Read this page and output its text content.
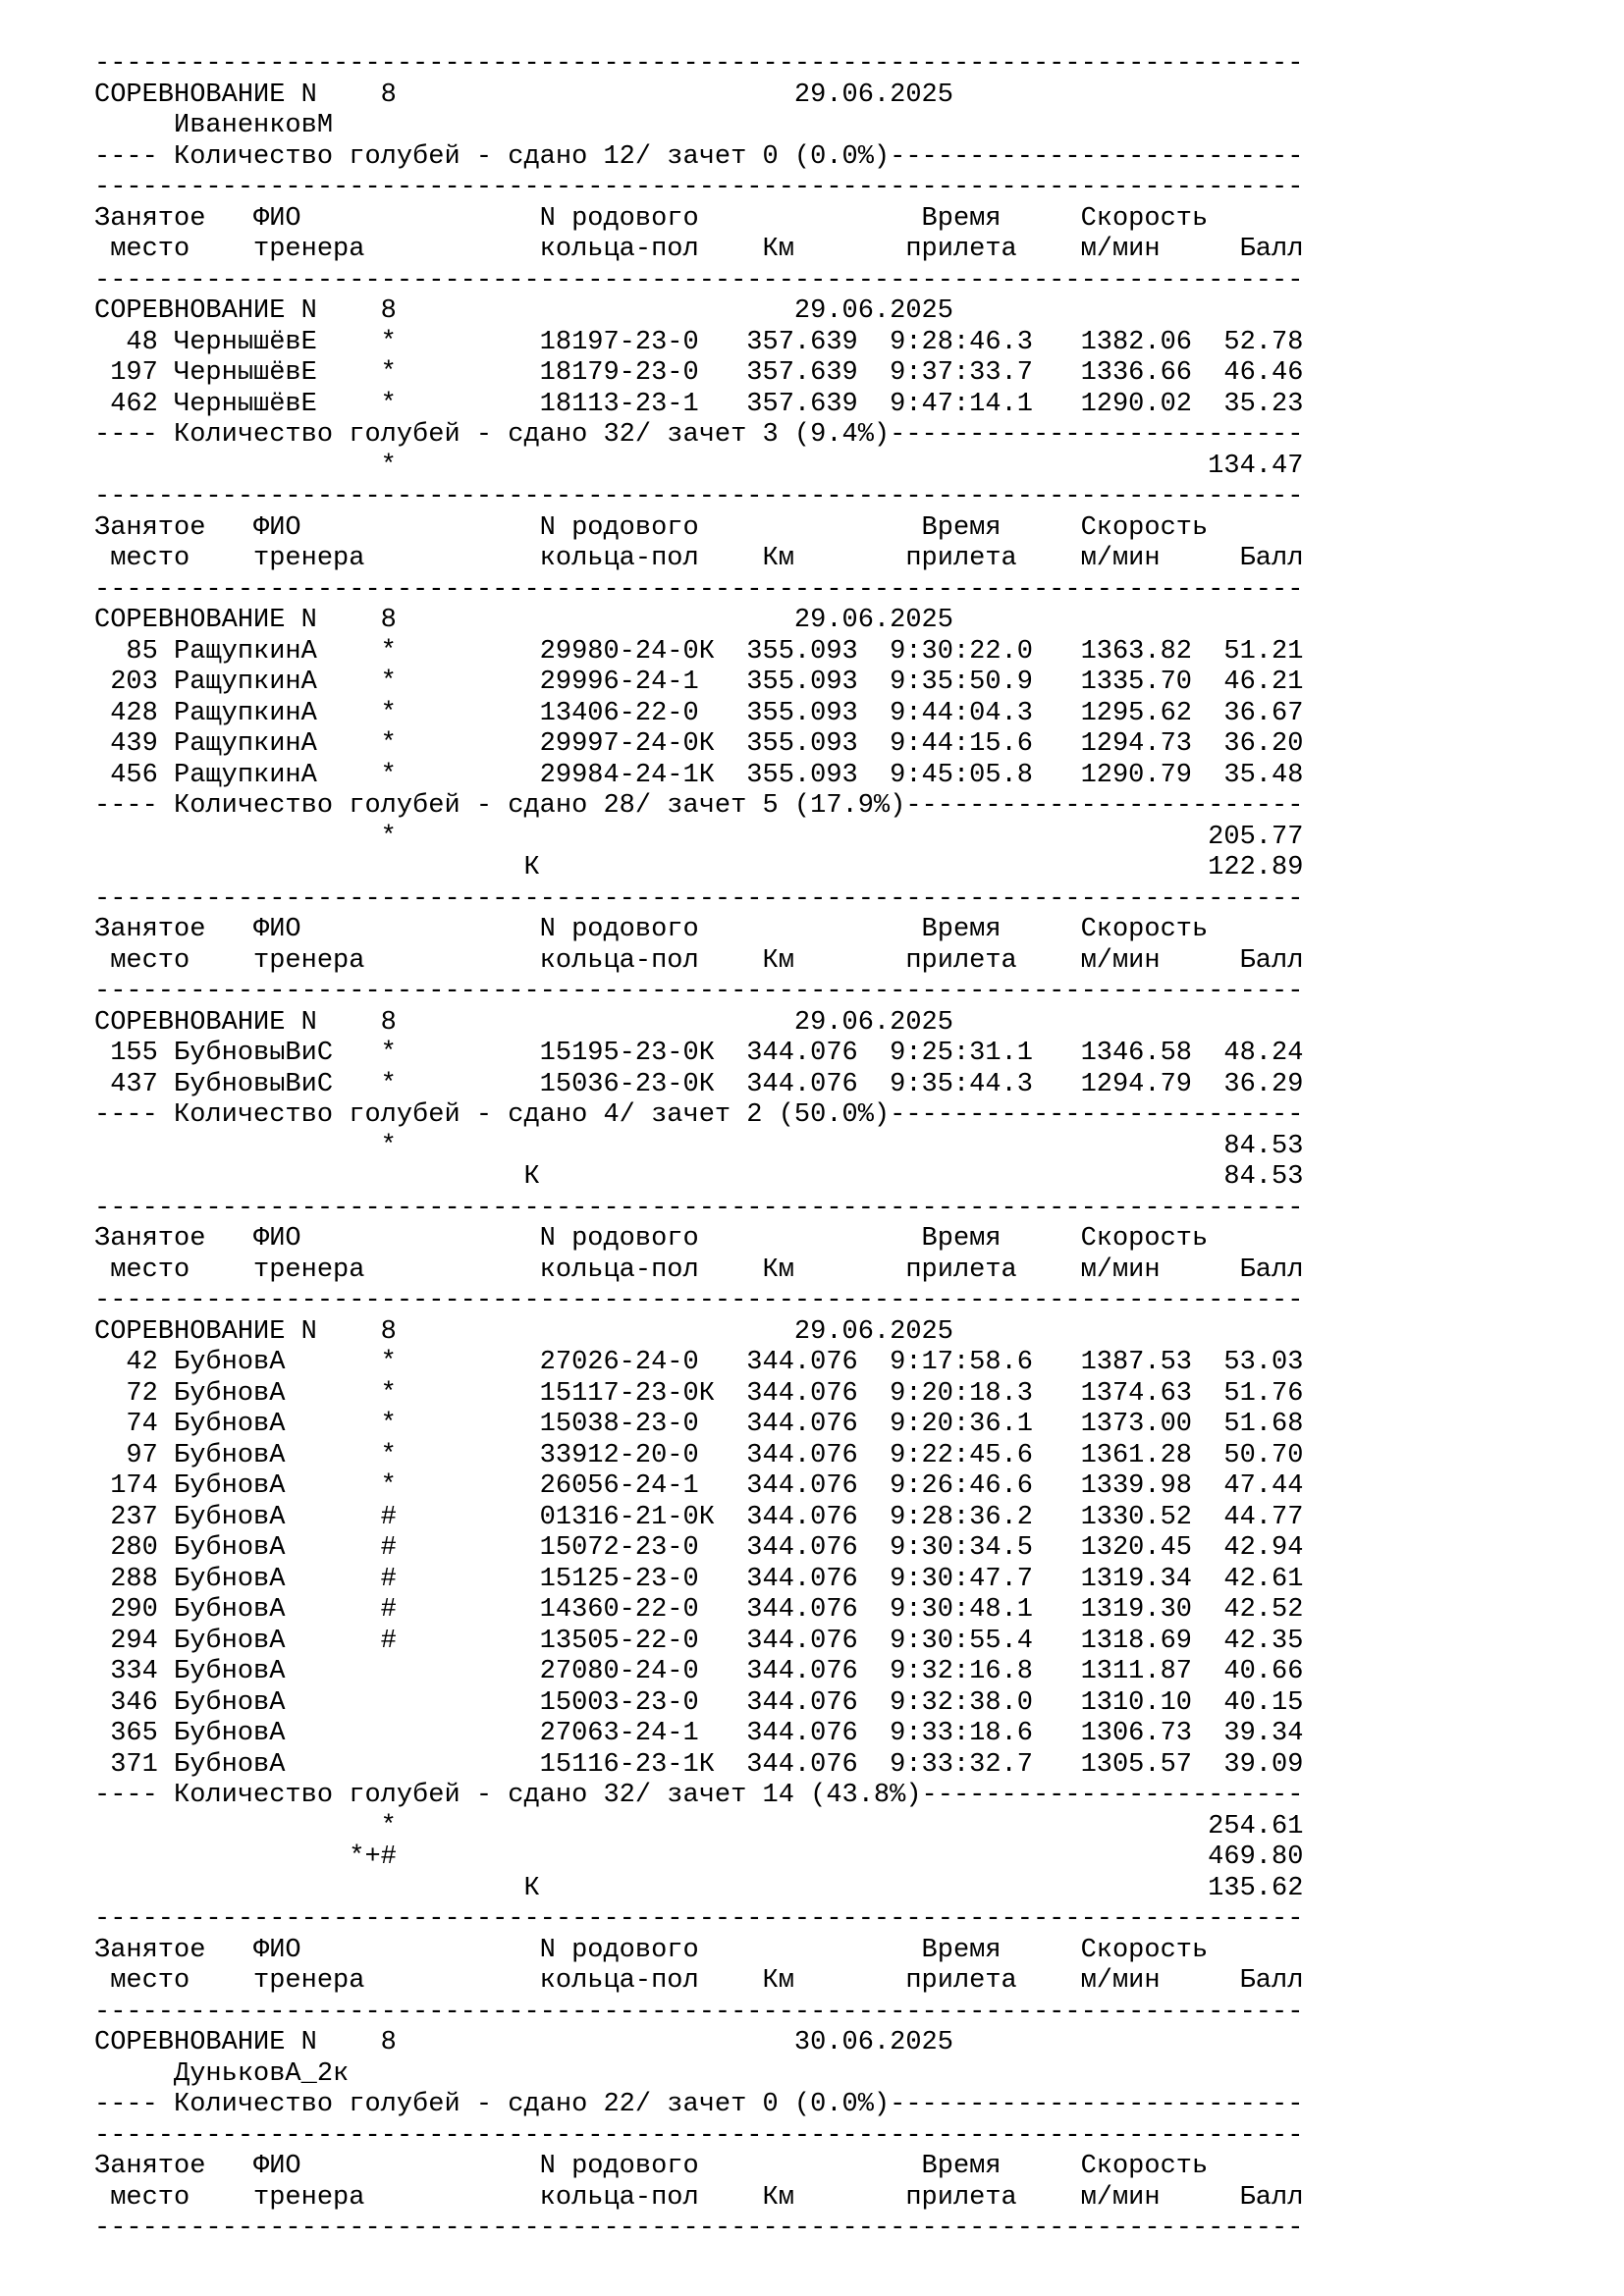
----------------------------------------------------------------------------
СОРЕВНОВАНИЕ N    8                         29.06.2025
ИваненковМ
---- Количество голубей - сдано 12/ зачет 0 (0.0%)--------------------------
----------------------------------------------------------------------------
Занятое   ФИО               N родового              Время     Скорость
место    тренера           кольца-пол    Км       прилета    м/мин     Балл
----------------------------------------------------------------------------
СОРЕВНОВАНИЕ N    8                         29.06.2025
48 ЧернышёвЕ    *         18197-23-0   357.639  9:28:46.3   1382.06  52.78
197 ЧернышёвЕ    *         18179-23-0   357.639  9:37:33.7   1336.66  46.46
462 ЧернышёвЕ    *         18113-23-1   357.639  9:47:14.1   1290.02  35.23
---- Количество голубей - сдано 32/ зачет 3 (9.4%)--------------------------
*                                                   134.47
----------------------------------------------------------------------------
Занятое   ФИО               N родового              Время     Скорость
место    тренера           кольца-пол    Км       прилета    м/мин     Балл
----------------------------------------------------------------------------
СОРЕВНОВАНИЕ N    8                         29.06.2025
85 РащупкинА    *         29980-24-0К  355.093  9:30:22.0   1363.82  51.21
203 РащупкинА    *         29996-24-1   355.093  9:35:50.9   1335.70  46.21
428 РащупкинА    *         13406-22-0   355.093  9:44:04.3   1295.62  36.67
439 РащупкинА    *         29997-24-0К  355.093  9:44:15.6   1294.73  36.20
456 РащупкинА    *         29984-24-1К  355.093  9:45:05.8   1290.79  35.48
---- Количество голубей - сдано 28/ зачет 5 (17.9%)-------------------------
*                                                   205.77
К                                          122.89
----------------------------------------------------------------------------
Занятое   ФИО               N родового              Время     Скорость
место    тренера           кольца-пол    Км       прилета    м/мин     Балл
----------------------------------------------------------------------------
СОРЕВНОВАНИЕ N    8                         29.06.2025
155 БубновыВиС   *         15195-23-0К  344.076  9:25:31.1   1346.58  48.24
437 БубновыВиС   *         15036-23-0К  344.076  9:35:44.3   1294.79  36.29
---- Количество голубей - сдано 4/ зачет 2 (50.0%)--------------------------
*                                                    84.53
К                                           84.53
----------------------------------------------------------------------------
Занятое   ФИО               N родового              Время     Скорость
место    тренера           кольца-пол    Км       прилета    м/мин     Балл
----------------------------------------------------------------------------
СОРЕВНОВАНИЕ N    8                         29.06.2025
42 БубновА      *         27026-24-0   344.076  9:17:58.6   1387.53  53.03
72 БубновА      *         15117-23-0К  344.076  9:20:18.3   1374.63  51.76
74 БубновА      *         15038-23-0   344.076  9:20:36.1   1373.00  51.68
97 БубновА      *         33912-20-0   344.076  9:22:45.6   1361.28  50.70
174 БубновА      *         26056-24-1   344.076  9:26:46.6   1339.98  47.44
237 БубновА      #         01316-21-0К  344.076  9:28:36.2   1330.52  44.77
280 БубновА      #         15072-23-0   344.076  9:30:34.5   1320.45  42.94
288 БубновА      #         15125-23-0   344.076  9:30:47.7   1319.34  42.61
290 БубновА      #         14360-22-0   344.076  9:30:48.1   1319.30  42.52
294 БубновА      #         13505-22-0   344.076  9:30:55.4   1318.69  42.35
334 БубновА                27080-24-0   344.076  9:32:16.8   1311.87  40.66
346 БубновА                15003-23-0   344.076  9:32:38.0   1310.10  40.15
365 БубновА                27063-24-1   344.076  9:33:18.6   1306.73  39.34
371 БубновА                15116-23-1К  344.076  9:33:32.7   1305.57  39.09
---- Количество голубей - сдано 32/ зачет 14 (43.8%)------------------------
*                                                   254.61
*+#                                                   469.80
К                                          135.62
----------------------------------------------------------------------------
Занятое   ФИО               N родового              Время     Скорость
место    тренера           кольца-пол    Км       прилета    м/мин     Балл
----------------------------------------------------------------------------
СОРЕВНОВАНИЕ N    8                         30.06.2025
ДуньковА_2к
---- Количество голубей - сдано 22/ зачет 0 (0.0%)--------------------------
----------------------------------------------------------------------------
Занятое   ФИО               N родового              Время     Скорость
место    тренера           кольца-пол    Км       прилета    м/мин     Балл
----------------------------------------------------------------------------
